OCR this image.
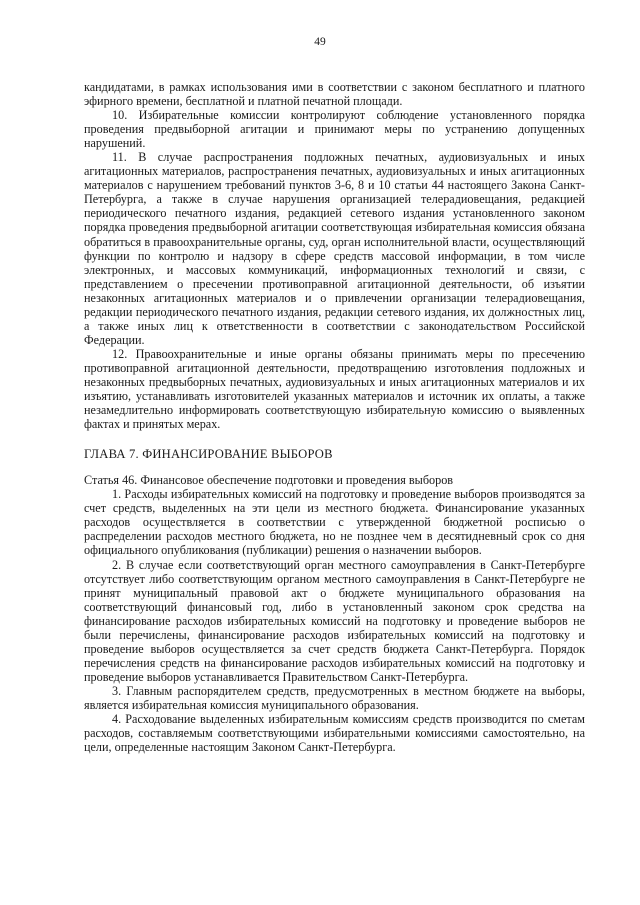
49

кандидатами, в рамках использования ими в соответствии с законом бесплатного и платного эфирного времени, бесплатной и платной печатной площади.

10. Избирательные комиссии контролируют соблюдение установленного порядка проведения предвыборной агитации и принимают меры по устранению допущенных нарушений.

11. В случае распространения подложных печатных, аудиовизуальных и иных агитационных материалов, распространения печатных, аудиовизуальных и иных агитационных материалов с нарушением требований пунктов 3-6, 8 и 10 статьи 44 настоящего Закона Санкт-Петербурга, а также в случае нарушения организацией телерадиовещания, редакцией периодического печатного издания, редакцией сетевого издания установленного законом порядка проведения предвыборной агитации соответствующая избирательная комиссия обязана обратиться в правоохранительные органы, суд, орган исполнительной власти, осуществляющий функции по контролю и надзору в сфере средств массовой информации, в том числе электронных, и массовых коммуникаций, информационных технологий и связи, с представлением о пресечении противоправной агитационной деятельности, об изъятии незаконных агитационных материалов и о привлечении организации телерадиовещания, редакции периодического печатного издания, редакции сетевого издания, их должностных лиц, а также иных лиц к ответственности в соответствии с законодательством Российской Федерации.

12. Правоохранительные и иные органы обязаны принимать меры по пресечению противоправной агитационной деятельности, предотвращению изготовления подложных и незаконных предвыборных печатных, аудиовизуальных и иных агитационных материалов и их изъятию, устанавливать изготовителей указанных материалов и источник их оплаты, а также незамедлительно информировать соответствующую избирательную комиссию о выявленных фактах и принятых мерах.

ГЛАВА 7. ФИНАНСИРОВАНИЕ ВЫБОРОВ

Статья 46. Финансовое обеспечение подготовки и проведения выборов

1. Расходы избирательных комиссий на подготовку и проведение выборов производятся за счет средств, выделенных на эти цели из местного бюджета. Финансирование указанных расходов осуществляется в соответствии с утвержденной бюджетной росписью о распределении расходов местного бюджета, но не позднее чем в десятидневный срок со дня официального опубликования (публикации) решения о назначении выборов.

2. В случае если соответствующий орган местного самоуправления в Санкт-Петербурге отсутствует либо соответствующим органом местного самоуправления в Санкт-Петербурге не принят муниципальный правовой акт о бюджете муниципального образования на соответствующий финансовый год, либо в установленный законом срок средства на финансирование расходов избирательных комиссий на подготовку и проведение выборов не были перечислены, финансирование расходов избирательных комиссий на подготовку и проведение выборов осуществляется за счет средств бюджета Санкт-Петербурга. Порядок перечисления средств на финансирование расходов избирательных комиссий на подготовку и проведение выборов устанавливается Правительством Санкт-Петербурга.

3. Главным распорядителем средств, предусмотренных в местном бюджете на выборы, является избирательная комиссия муниципального образования.

4. Расходование выделенных избирательным комиссиям средств производится по сметам расходов, составляемым соответствующими избирательными комиссиями самостоятельно, на цели, определенные настоящим Законом Санкт-Петербурга.
